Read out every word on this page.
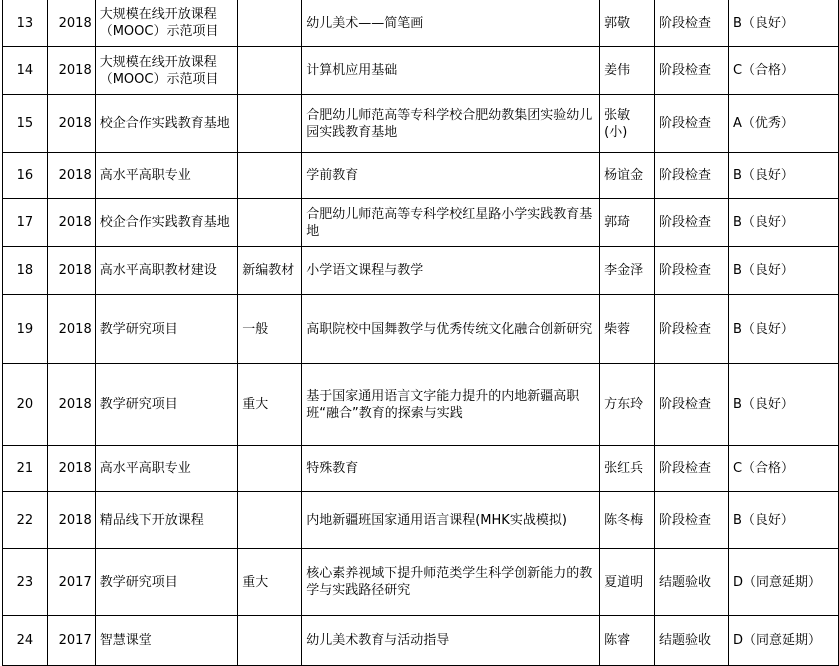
13	2018	大规模在线开放课程（MOOC）示范项目		幼儿美术——简笔画	郭敬	阶段检查	B（良好）
14	2018	大规模在线开放课程（MOOC）示范项目		计算机应用基础	姜伟	阶段检查	C（合格）
15	2018	校企合作实践教育基地		合肥幼儿师范高等专科学校合肥幼教集团实验幼儿园实践教育基地	张敏(小)	阶段检查	A（优秀）
16	2018	高水平高职专业		学前教育	杨谊金	阶段检查	B（良好）
17	2018	校企合作实践教育基地		合肥幼儿师范高等专科学校红星路小学实践教育基地	郭琦	阶段检查	B（良好）
18	2018	高水平高职教材建设	新编教材	小学语文课程与教学	李金泽	阶段检查	B（良好）
19	2018	教学研究项目	一般	高职院校中国舞教学与优秀传统文化融合创新研究	柴蓉	阶段检查	B（良好）
20	2018	教学研究项目	重大	基于国家通用语言文字能力提升的内地新疆高职班“融合”教育的探索与实践	方东玲	阶段检查	B（良好）
21	2018	高水平高职专业		特殊教育	张红兵	阶段检查	C（合格）
22	2018	精品线下开放课程		内地新疆班国家通用语言课程(MHK实战模拟)	陈冬梅	阶段检查	B（良好）
23	2017	教学研究项目	重大	核心素养视域下提升师范类学生科学创新能力的教学与实践路径研究	夏道明	结题验收	D（同意延期）
24	2017	智慧课堂		幼儿美术教育与活动指导	陈睿	结题验收	D（同意延期）
